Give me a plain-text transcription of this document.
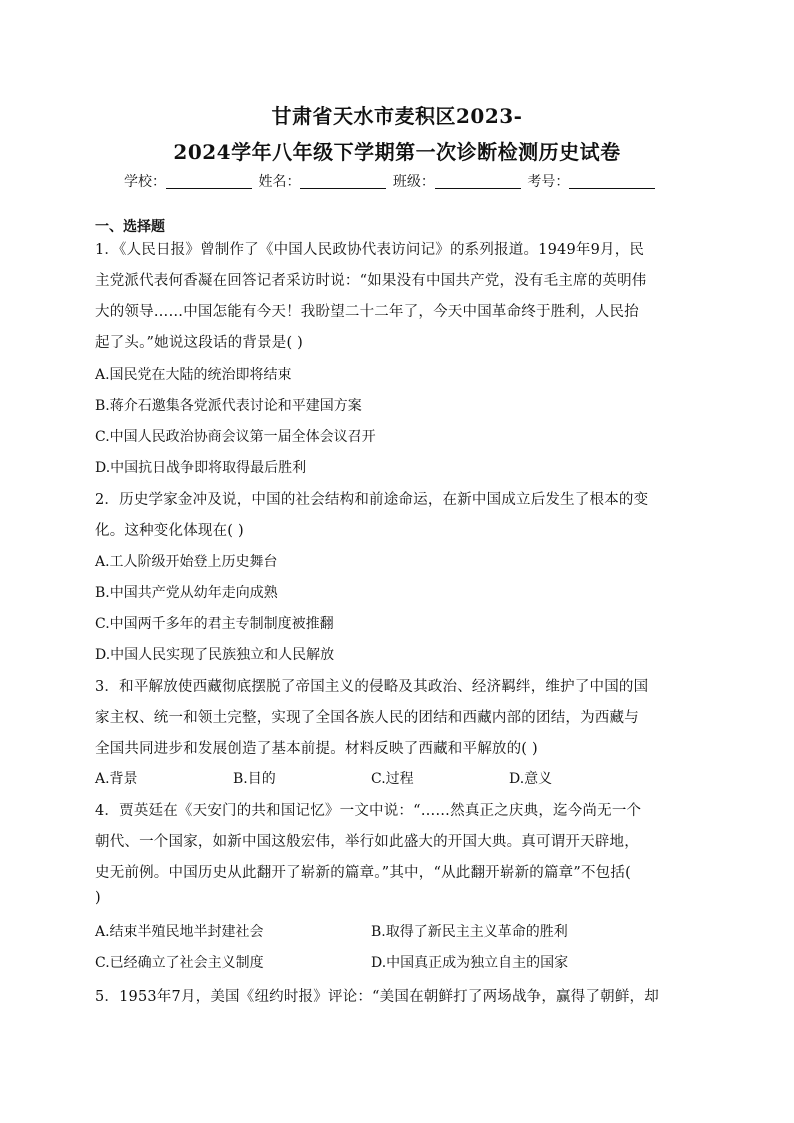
甘肃省天水市麦积区2023-
2024学年八年级下学期第一次诊断检测历史试卷
学校：	姓名：	班级：	考号：
一、选择题
1．《人民日报》曾制作了《中国人民政协代表访问记》的系列报道。1949年9月，民
主党派代表何香凝在回答记者采访时说：“如果没有中国共产党，没有毛主席的英明伟
大的领导……中国怎能有今天！我盼望二十二年了，今天中国革命终于胜利，人民抬
起了头。”她说这段话的背景是( )
A.国民党在大陆的统治即将结束
B.蒋介石邀集各党派代表讨论和平建国方案
C.中国人民政治协商会议第一届全体会议召开
D.中国抗日战争即将取得最后胜利
2．历史学家金冲及说，中国的社会结构和前途命运，在新中国成立后发生了根本的变
化。这种变化体现在( )
A.工人阶级开始登上历史舞台
B.中国共产党从幼年走向成熟
C.中国两千多年的君主专制制度被推翻
D.中国人民实现了民族独立和人民解放
3．和平解放使西藏彻底摆脱了帝国主义的侵略及其政治、经济羁绊，维护了中国的国
家主权、统一和领土完整，实现了全国各族人民的团结和西藏内部的团结，为西藏与
全国共同进步和发展创造了基本前提。材料反映了西藏和平解放的( )
A.背景	B.目的	C.过程	D.意义
4．贾英廷在《天安门的共和国记忆》一文中说：“……然真正之庆典，迄今尚无一个
朝代、一个国家，如新中国这般宏伟，举行如此盛大的开国大典。真可谓开天辟地，
史无前例。中国历史从此翻开了崭新的篇章。”其中，“从此翻开崭新的篇章”不包括(
)
A.结束半殖民地半封建社会	B.取得了新民主主义革命的胜利
C.已经确立了社会主义制度	D.中国真正成为独立自主的国家
5．1953年7月，美国《纽约时报》评论：“美国在朝鲜打了两场战争，赢得了朝鲜，却
